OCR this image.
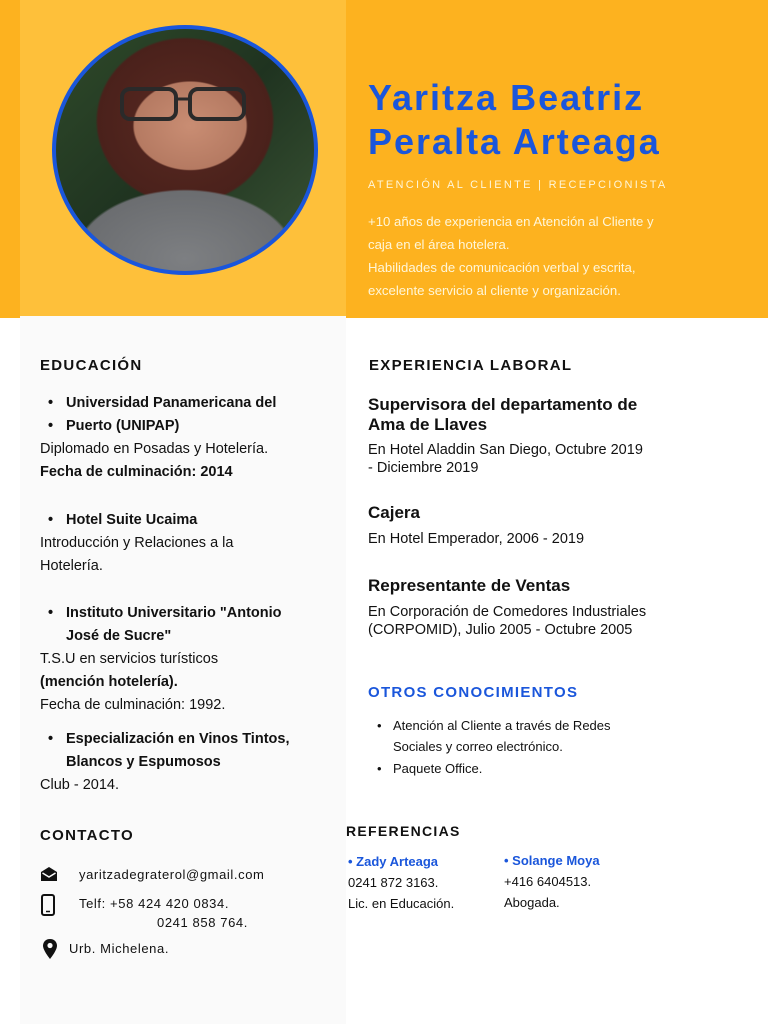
Yaritza Beatriz
Peralta Arteaga
ATENCIÓN AL CLIENTE | RECEPCIONISTA
+10 años de experiencia en Atención al Cliente y
caja en el área hotelera.
Habilidades de comunicación verbal y escrita,
excelente servicio al cliente y organización.
EDUCACIÓN
• Universidad Panamericana del
• Puerto (UNIPAP)
Diplomado en Posadas y Hotelería.
Fecha de culminación: 2014
• Hotel Suite Ucaima
Introducción y Relaciones a la
Hotelería.
• Instituto Universitario "Antonio
José de Sucre"
T.S.U en servicios turísticos
(mención hotelería).
Fecha de culminación: 1992.
• Especialización en Vinos Tintos,
Blancos y Espumosos
Club - 2014.
EXPERIENCIA LABORAL
Supervisora del departamento de
Ama de Llaves
En Hotel Aladdin San Diego, Octubre 2019
- Diciembre 2019
Cajera
En Hotel Emperador, 2006 - 2019
Representante de Ventas
En Corporación de Comedores Industriales
(CORPOMID), Julio 2005 - Octubre 2005
OTROS CONOCIMIENTOS
• Atención al Cliente a través de Redes
Sociales y correo electrónico.
• Paquete Office.
CONTACTO
yaritzadegraterol@gmail.com
Telf: +58 424 420 0834.
0241 858 764.
Urb. Michelena.
REFERENCIAS
• Zady Arteaga
0241 872 3163.
Lic. en Educación.
• Solange Moya
+416 6404513.
Abogada.
